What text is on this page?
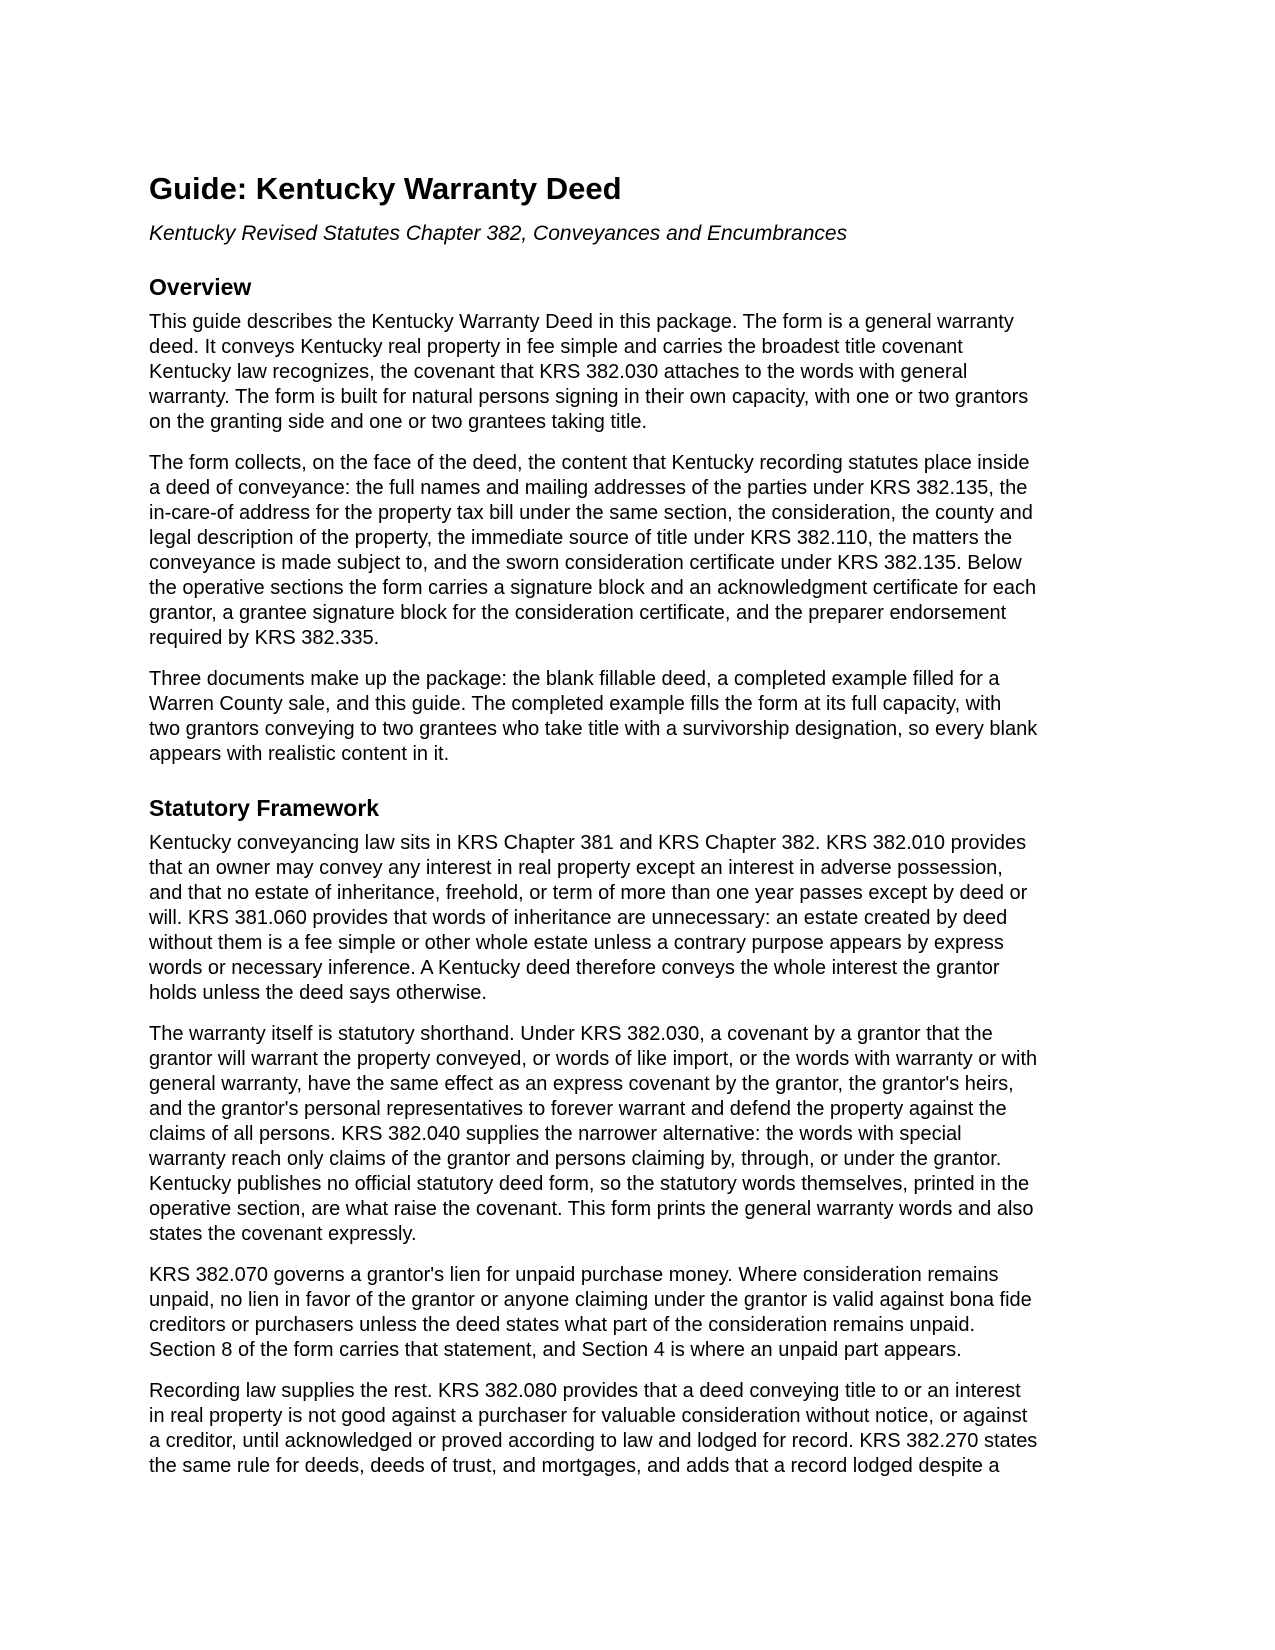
Guide: Kentucky Warranty Deed
Kentucky Revised Statutes Chapter 382, Conveyances and Encumbrances
Overview

This guide describes the Kentucky Warranty Deed in this package. The form is a general warranty
deed. It conveys Kentucky real property in fee simple and carries the broadest title covenant
Kentucky law recognizes, the covenant that KRS 382.030 attaches to the words with general
warranty. The form is built for natural persons signing in their own capacity, with one or two grantors
on the granting side and one or two grantees taking title.

The form collects, on the face of the deed, the content that Kentucky recording statutes place inside
a deed of conveyance: the full names and mailing addresses of the parties under KRS 382.135, the
in-care-of address for the property tax bill under the same section, the consideration, the county and
legal description of the property, the immediate source of title under KRS 382.110, the matters the
conveyance is made subject to, and the sworn consideration certificate under KRS 382.135. Below
the operative sections the form carries a signature block and an acknowledgment certificate for each
grantor, a grantee signature block for the consideration certificate, and the preparer endorsement
required by KRS 382.335.

Three documents make up the package: the blank fillable deed, a completed example filled for a
Warren County sale, and this guide. The completed example fills the form at its full capacity, with
two grantors conveying to two grantees who take title with a survivorship designation, so every blank
appears with realistic content in it.

Statutory Framework

Kentucky conveyancing law sits in KRS Chapter 381 and KRS Chapter 382. KRS 382.010 provides
that an owner may convey any interest in real property except an interest in adverse possession,
and that no estate of inheritance, freehold, or term of more than one year passes except by deed or
will. KRS 381.060 provides that words of inheritance are unnecessary: an estate created by deed
without them is a fee simple or other whole estate unless a contrary purpose appears by express
words or necessary inference. A Kentucky deed therefore conveys the whole interest the grantor
holds unless the deed says otherwise.

The warranty itself is statutory shorthand. Under KRS 382.030, a covenant by a grantor that the
grantor will warrant the property conveyed, or words of like import, or the words with warranty or with
general warranty, have the same effect as an express covenant by the grantor, the grantor's heirs,
and the grantor's personal representatives to forever warrant and defend the property against the
claims of all persons. KRS 382.040 supplies the narrower alternative: the words with special
warranty reach only claims of the grantor and persons claiming by, through, or under the grantor.
Kentucky publishes no official statutory deed form, so the statutory words themselves, printed in the
operative section, are what raise the covenant. This form prints the general warranty words and also
states the covenant expressly.

KRS 382.070 governs a grantor's lien for unpaid purchase money. Where consideration remains
unpaid, no lien in favor of the grantor or anyone claiming under the grantor is valid against bona fide
creditors or purchasers unless the deed states what part of the consideration remains unpaid.
Section 8 of the form carries that statement, and Section 4 is where an unpaid part appears.

Recording law supplies the rest. KRS 382.080 provides that a deed conveying title to or an interest
in real property is not good against a purchaser for valuable consideration without notice, or against
a creditor, until acknowledged or proved according to law and lodged for record. KRS 382.270 states
the same rule for deeds, deeds of trust, and mortgages, and adds that a record lodged despite a
